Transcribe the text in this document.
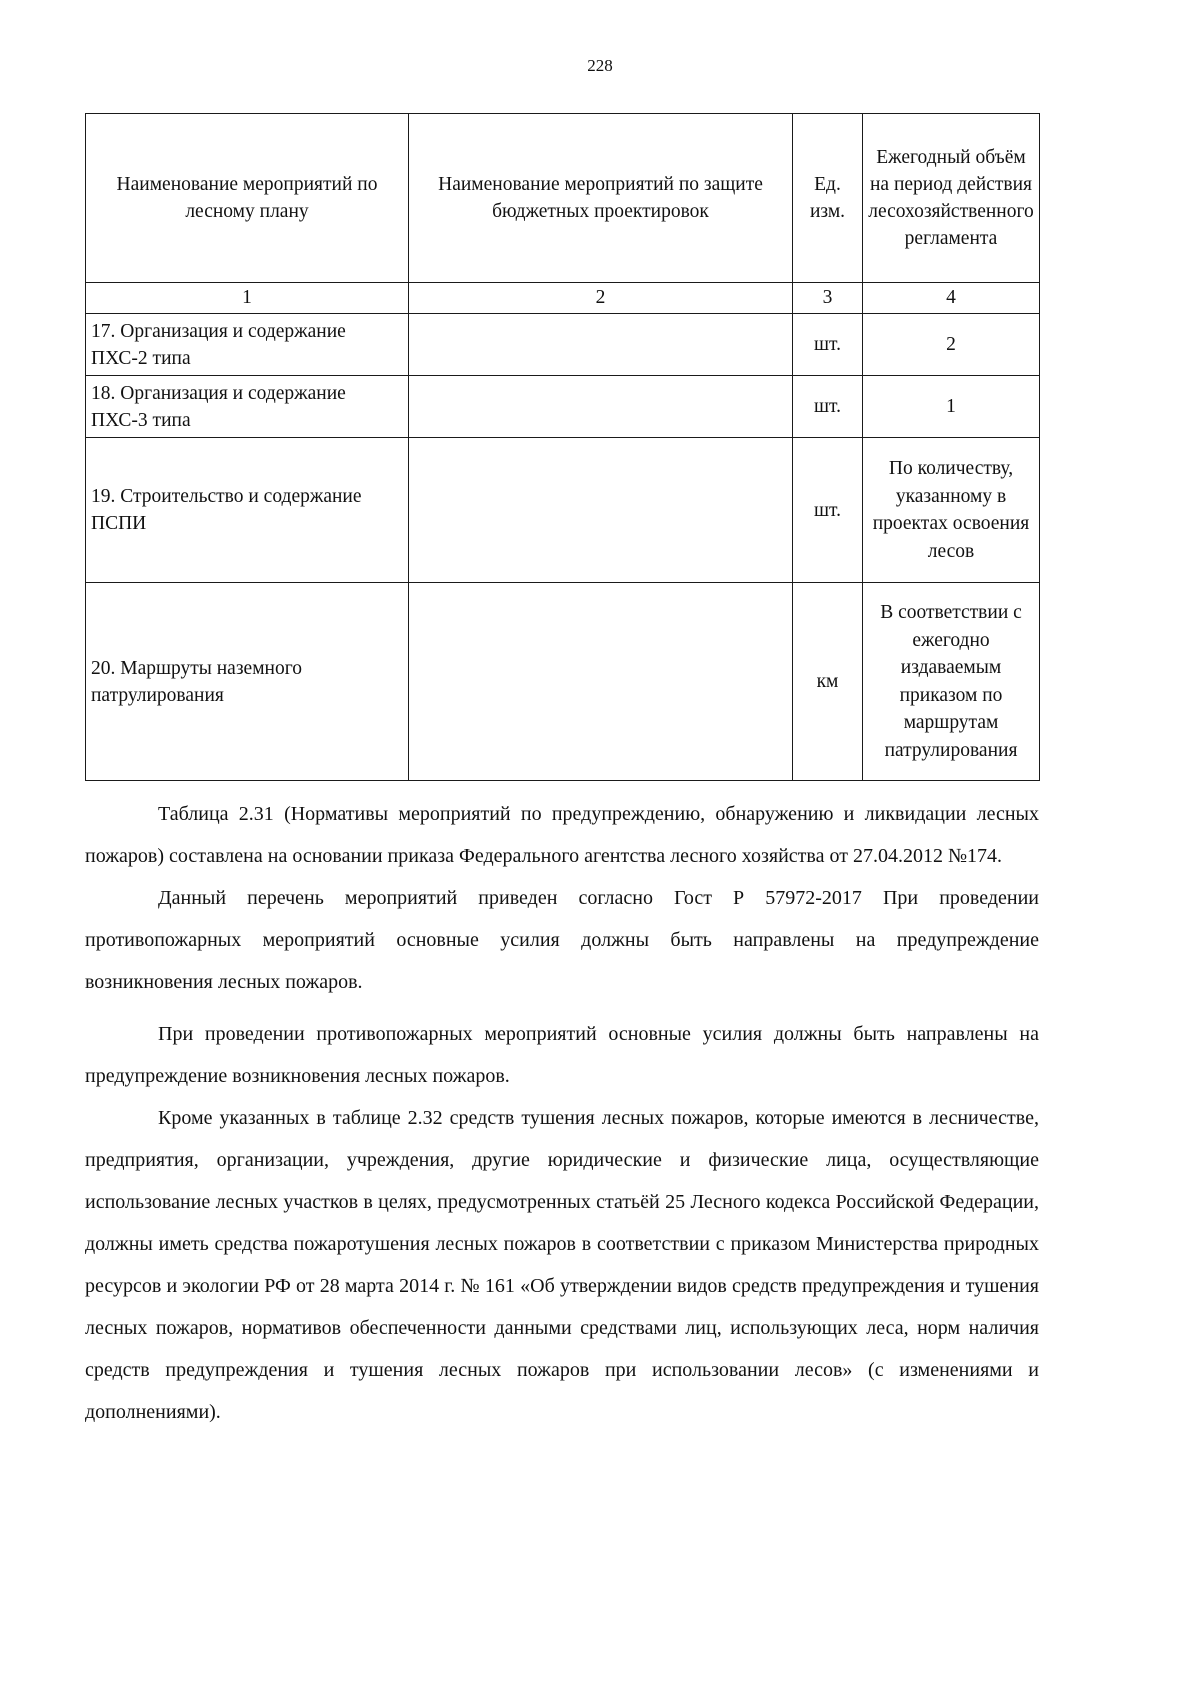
228
Наименование мероприятий по лесному плану	Наименование мероприятий по защите бюджетных проектировок	Ед. изм.	Ежегодный объём на период действия лесохозяйственного регламента
1	2	3	4
17. Организация и содержание ПХС-2 типа		шт.	2
18. Организация и содержание ПХС-3 типа		шт.	1
19. Строительство и содержание ПСПИ		шт.	По количеству, указанному в проектах освоения лесов
20. Маршруты наземного патрулирования		км	В соответствии с ежегодно издаваемым приказом по маршрутам патрулирования

Таблица 2.31 (Нормативы мероприятий по предупреждению, обнаружению и ликвидации лесных пожаров) составлена на основании приказа Федерального агентства лесного хозяйства от 27.04.2012 №174.

Данный перечень мероприятий приведен согласно Гост Р 57972-2017 При проведении противопожарных мероприятий основные усилия должны быть направлены на предупреждение возникновения лесных пожаров.

При проведении противопожарных мероприятий основные усилия должны быть направлены на предупреждение возникновения лесных пожаров.

Кроме указанных в таблице 2.32 средств тушения лесных пожаров, которые имеются в лесничестве, предприятия, организации, учреждения, другие юридические и физические лица, осуществляющие использование лесных участков в целях, предусмотренных статьёй 25 Лесного кодекса Российской Федерации, должны иметь средства пожаротушения лесных пожаров в соответствии с приказом Министерства природных ресурсов и экологии РФ от 28 марта 2014 г. № 161 «Об утверждении видов средств предупреждения и тушения лесных пожаров, нормативов обеспеченности данными средствами лиц, использующих леса, норм наличия средств предупреждения и тушения лесных пожаров при использовании лесов» (с изменениями и дополнениями).
